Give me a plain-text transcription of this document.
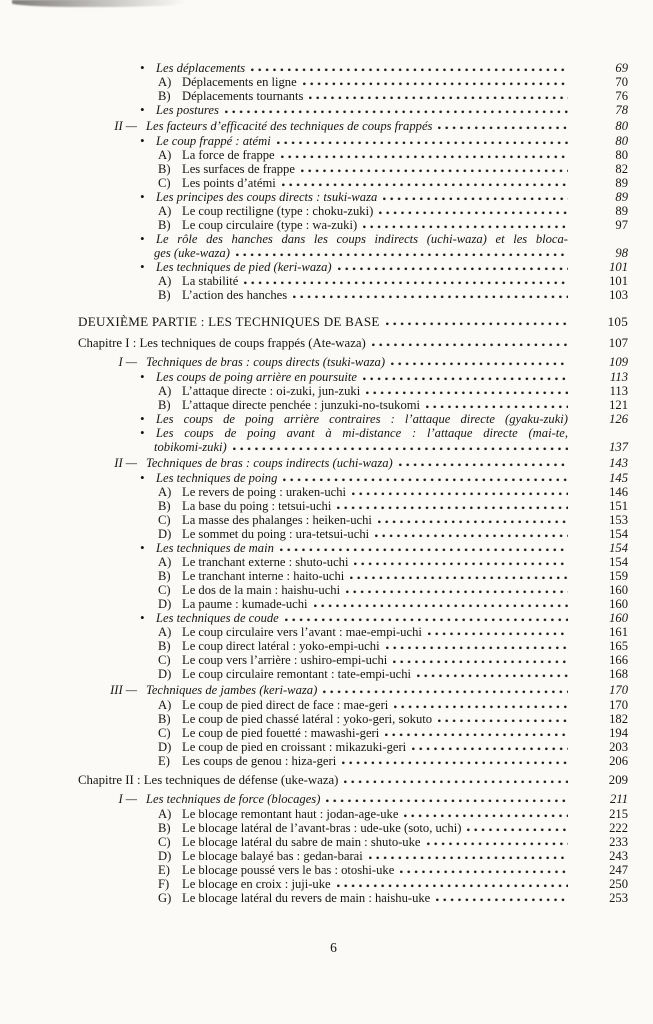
• Les déplacements	69
A) Déplacements en ligne	70
B) Déplacements tournants	76
• Les postures	78
II — Les facteurs d’efficacité des techniques de coups frappés	80
• Le coup frappé : atémi	80
A) La force de frappe	80
B) Les surfaces de frappe	82
C) Les points d’atémi	89
• Les principes des coups directs : tsuki-waza	89
A) Le coup rectiligne (type : choku-zuki)	89
B) Le coup circulaire (type : wa-zuki)	97
• Le rôle des hanches dans les coups indirects (uchi-waza) et les bloca-
ges (uke-waza)	98
• Les techniques de pied (keri-waza)	101
A) La stabilité	101
B) L’action des hanches	103
DEUXIÈME PARTIE : LES TECHNIQUES DE BASE	105
Chapitre I : Les techniques de coups frappés (Ate-waza)	107
I — Techniques de bras : coups directs (tsuki-waza)	109
• Les coups de poing arrière en poursuite	113
A) L’attaque directe : oi-zuki, jun-zuki	113
B) L’attaque directe penchée : junzuki-no-tsukomi	121
• Les coups de poing arrière contraires : l’attaque directe (gyaku-zuki)	126
• Les coups de poing avant à mi-distance : l’attaque directe (mai-te,
tobikomi-zuki)	137
II — Techniques de bras : coups indirects (uchi-waza)	143
• Les techniques de poing	145
A) Le revers de poing : uraken-uchi	146
B) La base du poing : tetsui-uchi	151
C) La masse des phalanges : heiken-uchi	153
D) Le sommet du poing : ura-tetsui-uchi	154
• Les techniques de main	154
A) Le tranchant externe : shuto-uchi	154
B) Le tranchant interne : haito-uchi	159
C) Le dos de la main : haishu-uchi	160
D) La paume : kumade-uchi	160
• Les techniques de coude	160
A) Le coup circulaire vers l’avant : mae-empi-uchi	161
B) Le coup direct latéral : yoko-empi-uchi	165
C) Le coup vers l’arrière : ushiro-empi-uchi	166
D) Le coup circulaire remontant : tate-empi-uchi	168
III — Techniques de jambes (keri-waza)	170
A) Le coup de pied direct de face : mae-geri	170
B) Le coup de pied chassé latéral : yoko-geri, sokuto	182
C) Le coup de pied fouetté : mawashi-geri	194
D) Le coup de pied en croissant : mikazuki-geri	203
E) Les coups de genou : hiza-geri	206
Chapitre II : Les techniques de défense (uke-waza)	209
I — Les techniques de force (blocages)	211
A) Le blocage remontant haut : jodan-age-uke	215
B) Le blocage latéral de l’avant-bras : ude-uke (soto, uchi)	222
C) Le blocage latéral du sabre de main : shuto-uke	233
D) Le blocage balayé bas : gedan-barai	243
E) Le blocage poussé vers le bas : otoshi-uke	247
F)	Le blocage en croix : juji-uke	250
G) Le blocage latéral du revers de main : haishu-uke	253
6
